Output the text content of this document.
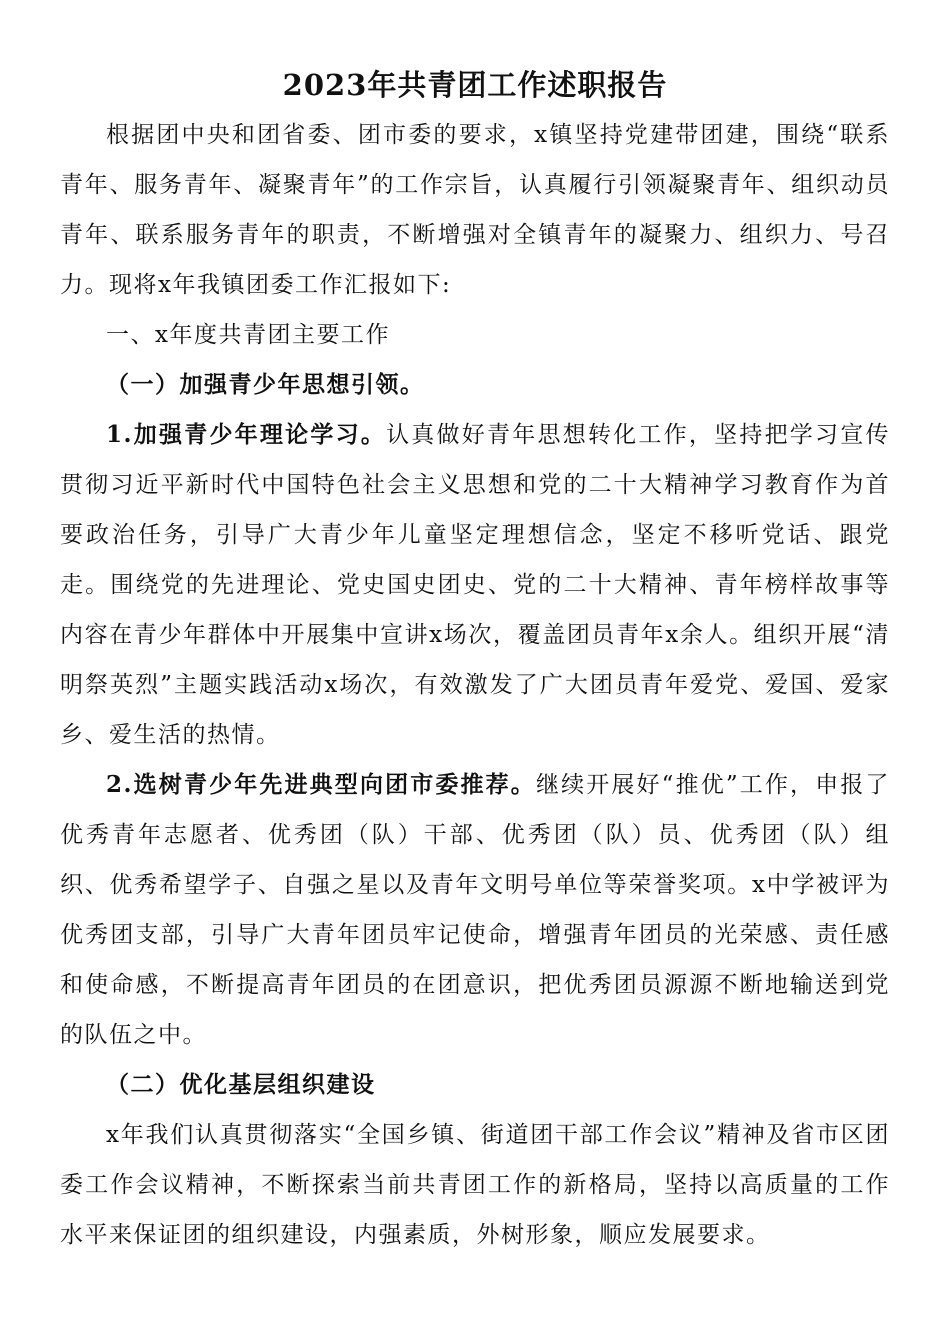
2023年共青团工作述职报告

根据团中央和团省委、团市委的要求，x镇坚持党建带团建，围绕“联系青年、服务青年、凝聚青年”的工作宗旨，认真履行引领凝聚青年、组织动员青年、联系服务青年的职责，不断增强对全镇青年的凝聚力、组织力、号召力。现将x年我镇团委工作汇报如下:

一、x年度共青团主要工作
（一）加强青少年思想引领。

1.加强青少年理论学习。认真做好青年思想转化工作，坚持把学习宣传贯彻习近平新时代中国特色社会主义思想和党的二十大精神学习教育作为首要政治任务，引导广大青少年儿童坚定理想信念，坚定不移听党话、跟党走。围绕党的先进理论、党史国史团史、党的二十大精神、青年榜样故事等内容在青少年群体中开展集中宣讲x场次，覆盖团员青年x余人。组织开展“清明祭英烈”主题实践活动x场次，有效激发了广大团员青年爱党、爱国、爱家乡、爱生活的热情。

2.选树青少年先进典型向团市委推荐。继续开展好“推优”工作，申报了优秀青年志愿者、优秀团（队）干部、优秀团（队）员、优秀团（队）组织、优秀希望学子、自强之星以及青年文明号单位等荣誉奖项。x中学被评为优秀团支部，引导广大青年团员牢记使命，增强青年团员的光荣感、责任感和使命感，不断提高青年团员的在团意识，把优秀团员源源不断地输送到党的队伍之中。

（二）优化基层组织建设

x年我们认真贯彻落实“全国乡镇、街道团干部工作会议”精神及省市区团委工作会议精神，不断探索当前共青团工作的新格局，坚持以高质量的工作水平来保证团的组织建设，内强素质，外树形象，顺应发展要求。
